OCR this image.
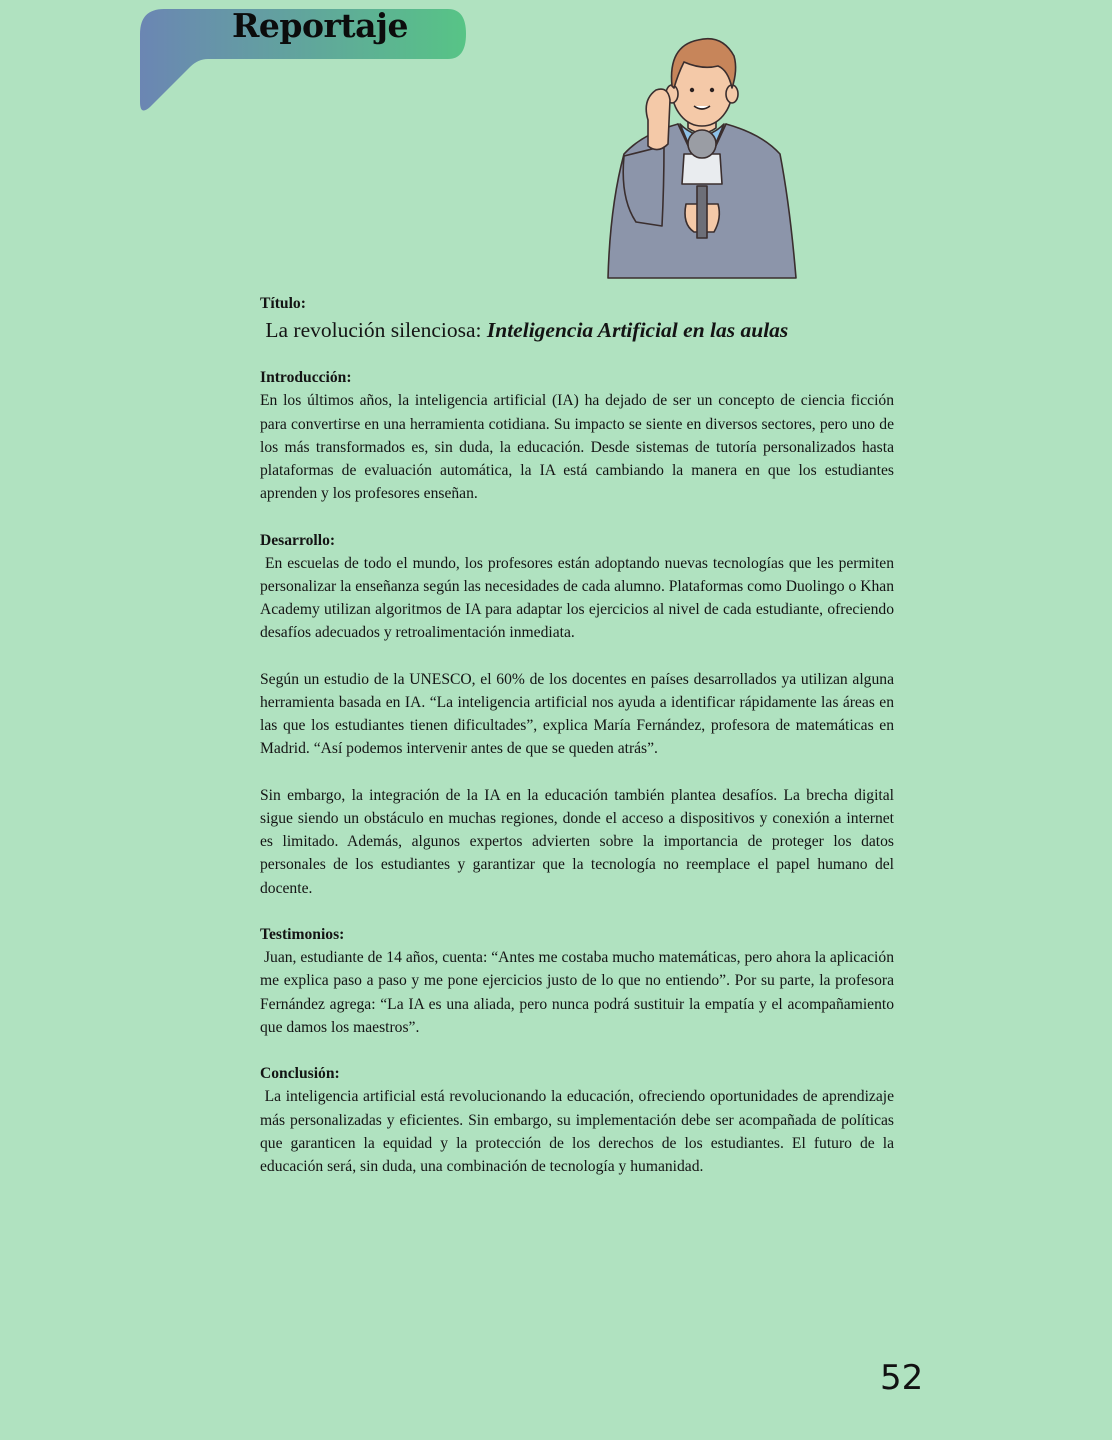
Reportaje

Título:

La revolución silenciosa: Inteligencia Artificial en las aulas

Introducción:

En los últimos años, la inteligencia artificial (IA) ha dejado de ser un concepto de ciencia ficción para convertirse en una herramienta cotidiana. Su impacto se siente en diversos sectores, pero uno de los más transformados es, sin duda, la educación. Desde sistemas de tutoría personalizados hasta plataformas de evaluación automática, la IA está cambiando la manera en que los estudiantes aprenden y los profesores enseñan.

Desarrollo:

En escuelas de todo el mundo, los profesores están adoptando nuevas tecnologías que les permiten personalizar la enseñanza según las necesidades de cada alumno. Plataformas como Duolingo o Khan Academy utilizan algoritmos de IA para adaptar los ejercicios al nivel de cada estudiante, ofreciendo desafíos adecuados y retroalimentación inmediata.

Según un estudio de la UNESCO, el 60% de los docentes en países desarrollados ya utilizan alguna herramienta basada en IA. “La inteligencia artificial nos ayuda a identificar rápidamente las áreas en las que los estudiantes tienen dificultades”, explica María Fernández, profesora de matemáticas en Madrid. “Así podemos intervenir antes de que se queden atrás”.

Sin embargo, la integración de la IA en la educación también plantea desafíos. La brecha digital sigue siendo un obstáculo en muchas regiones, donde el acceso a dispositivos y conexión a internet es limitado. Además, algunos expertos advierten sobre la importancia de proteger los datos personales de los estudiantes y garantizar que la tecnología no reemplace el papel humano del docente.

Testimonios:

Juan, estudiante de 14 años, cuenta: “Antes me costaba mucho matemáticas, pero ahora la aplicación me explica paso a paso y me pone ejercicios justo de lo que no entiendo”. Por su parte, la profesora Fernández agrega: “La IA es una aliada, pero nunca podrá sustituir la empatía y el acompañamiento que damos los maestros”.

Conclusión:

La inteligencia artificial está revolucionando la educación, ofreciendo oportunidades de aprendizaje más personalizadas y eficientes. Sin embargo, su implementación debe ser acompañada de políticas que garanticen la equidad y la protección de los derechos de los estudiantes. El futuro de la educación será, sin duda, una combinación de tecnología y humanidad.

52
